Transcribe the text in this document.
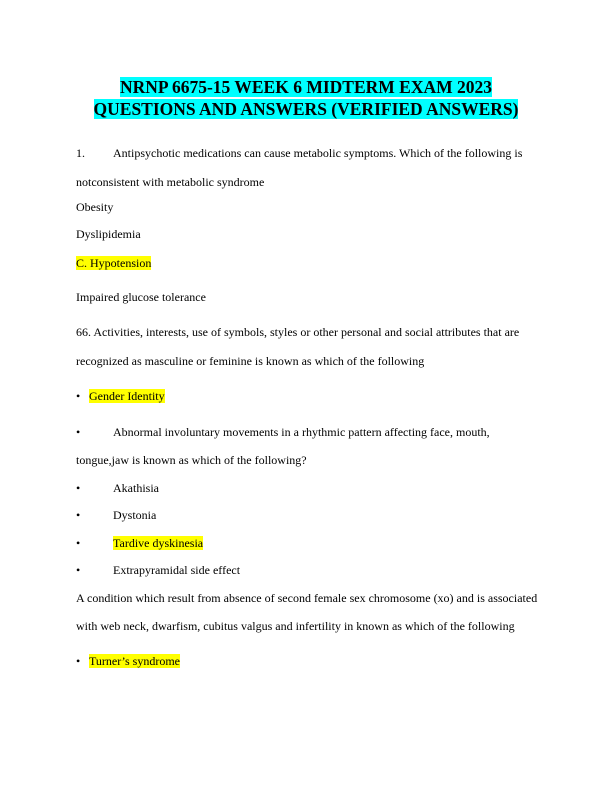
NRNP 6675-15 WEEK 6 MIDTERM EXAM 2023
QUESTIONS AND ANSWERS (VERIFIED ANSWERS)
1. Antipsychotic medications can cause metabolic symptoms. Which of the following is
notconsistent with metabolic syndrome
Obesity
Dyslipidemia
C. Hypotension
Impaired glucose tolerance
66. Activities, interests, use of symbols, styles or other personal and social attributes that are
recognized as masculine or feminine is known as which of the following
• Gender Identity
•	Abnormal involuntary movements in a rhythmic pattern affecting face, mouth,
tongue,jaw is known as which of the following?
•	Akathisia
•	Dystonia
•	Tardive dyskinesia
•	Extrapyramidal side effect
A condition which result from absence of second female sex chromosome (xo) and is associated
with web neck, dwarfism, cubitus valgus and infertility in known as which of the following
• Turner’s syndrome
